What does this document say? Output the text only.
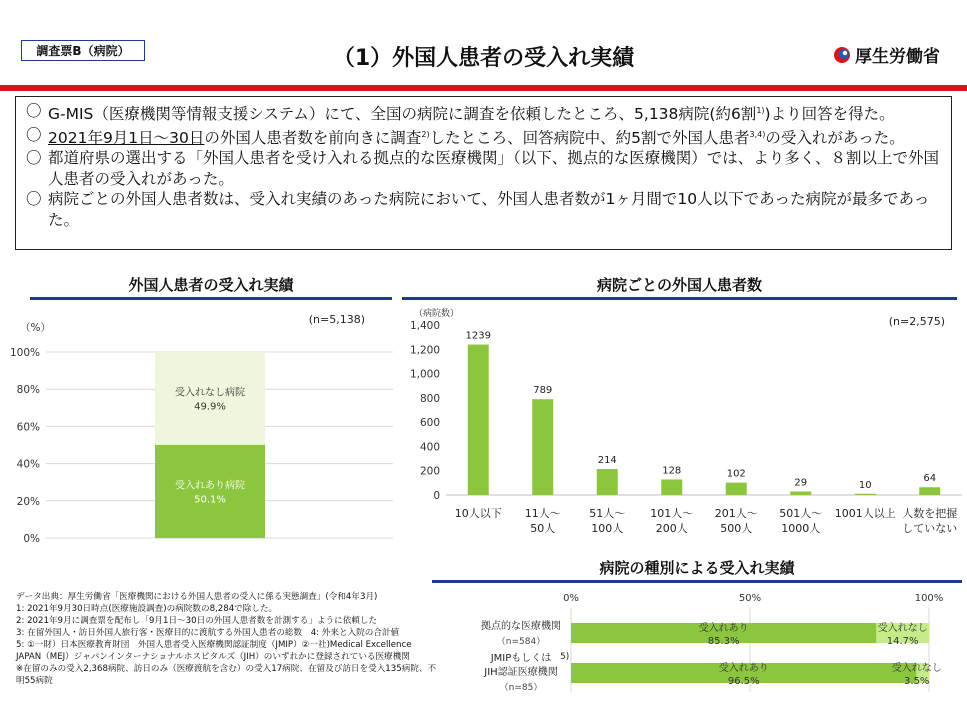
調査票B（病院）	（1）外国人患者の受入れ実績	厚生労働省
〇 G-MIS（医療機関等情報支援システム）にて、全国の病院に調査を依頼したところ、5,138病院(約6割$^{1)}$)より回答を得た。
〇 2021年9月1日～30日の外国人患者数を前向きに調査$^{2)}$したところ、回答病院中、約5割で外国人患者$^{3,4)}$の受入れがあった。
〇 都道府県の選出する「外国人患者を受け入れる拠点的な医療機関」（以下、拠点的な医療機関）では、より多く、８割以上で外国人患者の受入れがあった。
〇 病院ごとの外国人患者数は、受入れ実績のあった病院において、外国人患者数が1ヶ月間で10人以下であった病院が最多であった。
外国人患者の受入れ実績	病院ごとの外国人患者数
病院の種別による受入れ実績
（%）
(n=5,138)
0%
20%
40%
60%
80%
100%
受入れあり病院
50.1%
受入れなし病院
49.9%
（病院数）
(n=2,575)
0
200
400
600
800
1,000
1,200
1,400
1239
10人以下
789
11人～
50人
214
51人～
100人
128
101人～
200人
102
201人～
500人
29
501人～
1000人
10
1001人以上
64
人数を把握
していない
0%	50%	100%
受入れあり
85.3%
受入れなし
14.7%
拠点的な医療機関
（n=584）
受入れあり
96.5%
受入れなし
3.5%
JMIPもしくは
JIH認証医療機関
（n=85）
5)
データ出典：厚生労働省「医療機関における外国人患者の受入に係る実態調査」(令和4年3月)
1: 2021年9月30日時点(医療施設調査)の病院数の8,284で除した。
2: 2021年9月に調査票を配布し「9月1日～30日の外国人患者数を計測する」ように依頼した
3: 在留外国人・訪日外国人旅行客・医療目的に渡航する外国人患者の総数　4: 外来と入院の合計値
5: ①一財）日本医療教育財団　外国人患者受入医療機関認証制度（JMIP）②一社)Medical Excellence
JAPAN（MEJ）ジャパンインターナショナルホスピタルズ（JIH）のいずれかに登録されている医療機関
※在留のみの受入2,368病院、訪日のみ（医療渡航を含む）の受入17病院、在留及び訪日を受入135病院、不明55病院
